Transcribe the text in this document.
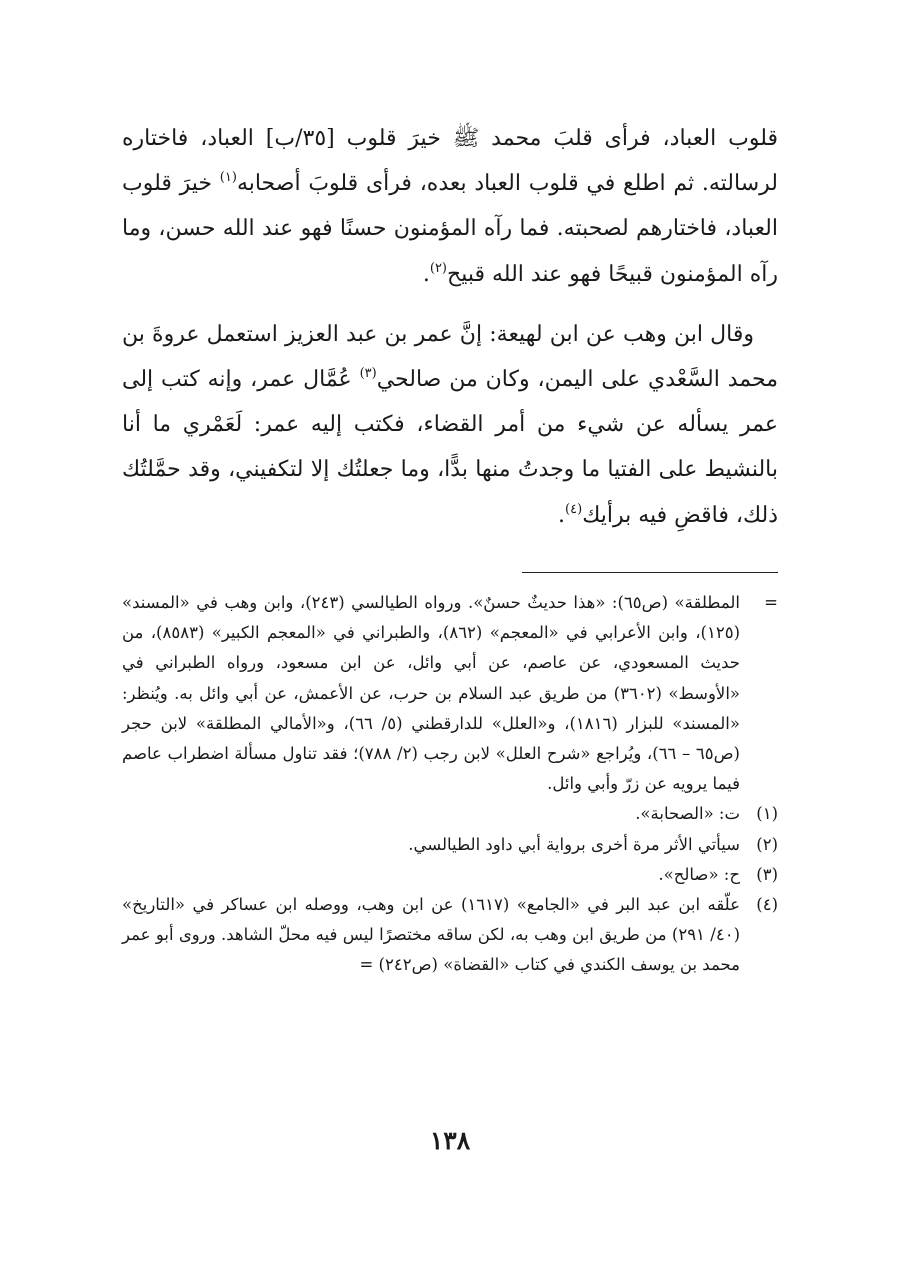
قلوب العباد، فرأى قلبَ محمد ﷺ خيرَ قلوب [٣٥/ب] العباد، فاختاره لرسالته. ثم اطلع في قلوب العباد بعده، فرأى قلوبَ أصحابه$^{(١)}$ خيرَ قلوب العباد، فاختارهم لصحبته. فما رآه المؤمنون حسنًا فهو عند الله حسن، وما رآه المؤمنون قبيحًا فهو عند الله قبيح$^{(٢)}$.

وقال ابن وهب عن ابن لهيعة: إنَّ عمر بن عبد العزيز استعمل عروةَ بن محمد السَّعْدي على اليمن، وكان من صالحي$^{(٣)}$ عُمَّال عمر، وإنه كتب إلى عمر يسأله عن شيء من أمر القضاء، فكتب إليه عمر: لَعَمْري ما أنا بالنشيط على الفتيا ما وجدتُ منها بدًّا، وما جعلتُك إلا لتكفيني، وقد حمَّلتُك ذلك، فاقضِ فيه برأيك$^{(٤)}$.

=
المطلقة» (ص٦٥): «هذا حديثٌ حسنٌ». ورواه الطيالسي (٢٤٣)، وابن وهب في «المسند» (١٢٥)، وابن الأعرابي في «المعجم» (٨٦٢)، والطبراني في «المعجم الكبير» (٨٥٨٣)، من حديث المسعودي، عن عاصم، عن أبي وائل، عن ابن مسعود، ورواه الطبراني في «الأوسط» (٣٦٠٢) من طريق عبد السلام بن حرب، عن الأعمش، عن أبي وائل به. ويُنظر: «المسند» للبزار (١٨١٦)، و«العلل» للدارقطني (٥/ ٦٦)، و«الأمالي المطلقة» لابن حجر (ص٦٥ – ٦٦)، ويُراجع «شرح العلل» لابن رجب (٢/ ٧٨٨)؛ فقد تناول مسألة اضطراب عاصم فيما يرويه عن زرّ وأبي وائل.
(١)
ت: «الصحابة».
(٢)
سيأتي الأثر مرة أخرى برواية أبي داود الطيالسي.
(٣)
ح: «صالح».
(٤)
علّقه ابن عبد البر في «الجامع» (١٦١٧) عن ابن وهب، ووصله ابن عساكر في «التاريخ» (٤٠/ ٢٩١) من طريق ابن وهب به، لكن ساقه مختصرًا ليس فيه محلّ الشاهد. وروى أبو عمر محمد بن يوسف الكندي في كتاب «القضاة» (ص٢٤٢) =
١٣٨
